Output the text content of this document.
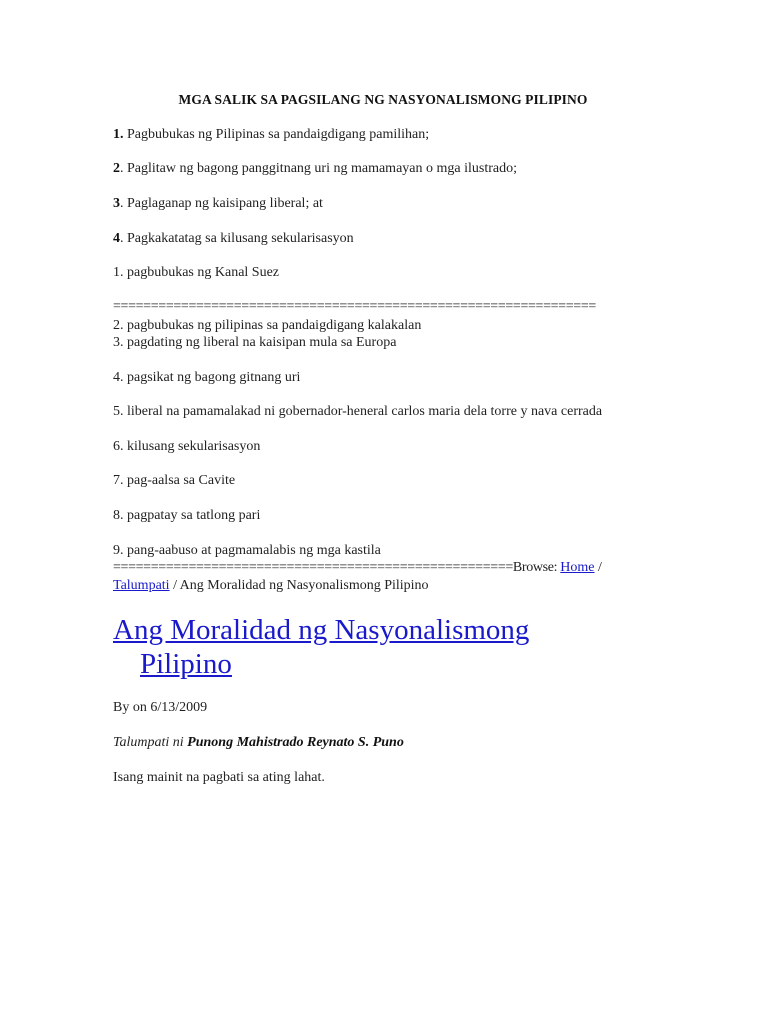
MGA SALIK SA PAGSILANG NG NASYONALISMONG PILIPINO
1. Pagbubukas ng Pilipinas sa pandaigdigang pamilihan;
2. Paglitaw ng bagong panggitnang uri ng mamamayan o mga ilustrado;
3. Paglaganap ng kaisipang liberal; at
4. Pagkakatatag sa kilusang sekularisasyon
1. pagbubukas ng Kanal Suez
================================================================
2. pagbubukas ng pilipinas sa pandaigdigang kalakalan
3. pagdating ng liberal na kaisipan mula sa Europa
4. pagsikat ng bagong gitnang uri
5. liberal na pamamalakad ni gobernador-heneral carlos maria dela torre y nava cerrada
6. kilusang sekularisasyon
7. pag-aalsa sa Cavite
8. pagpatay sa tatlong pari
9. pang-aabuso at pagmamalabis ng mga kastila
=====================================================Browse: Home /
Talumpati / Ang Moralidad ng Nasyonalismong Pilipino
Ang Moralidad ng Nasyonalismong
Pilipino
By on 6/13/2009
Talumpati ni Punong Mahistrado Reynato S. Puno
Isang mainit na pagbati sa ating lahat.
